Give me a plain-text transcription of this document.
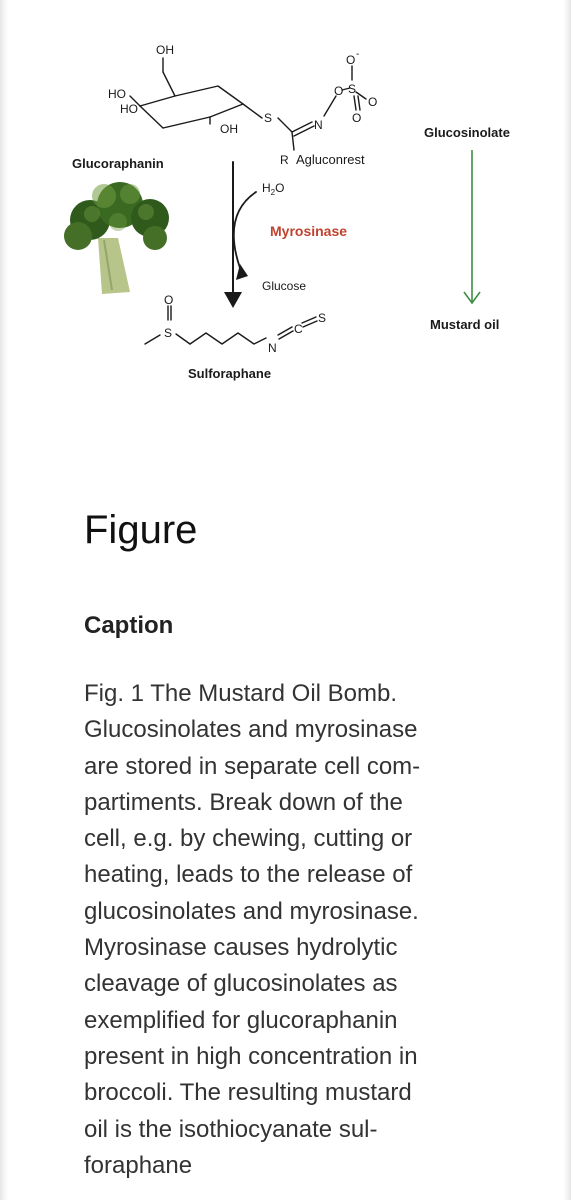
OH
HO
HO
OH
S	N
O S
O -
O
O
R
O
S
N
C
S
Glucoraphanin	Agluconrest
$H_2O$
Myrosinase
Glucose
Sulforaphane
Glucosinolate
Mustard oil
Figure
Caption

Fig. 1 The Mustard Oil Bomb.
Glucosinolates and myrosinase
are stored in separate cell com-
partiments. Break down of the
cell, e.g. by chewing, cutting or
heating, leads to the release of
glucosinolates and myrosinase.
Myrosinase causes hydrolytic
cleavage of glucosinolates as
exemplified for glucoraphanin
present in high concentration in
broccoli. The resulting mustard
oil is the isothiocyanate sul-
foraphane
